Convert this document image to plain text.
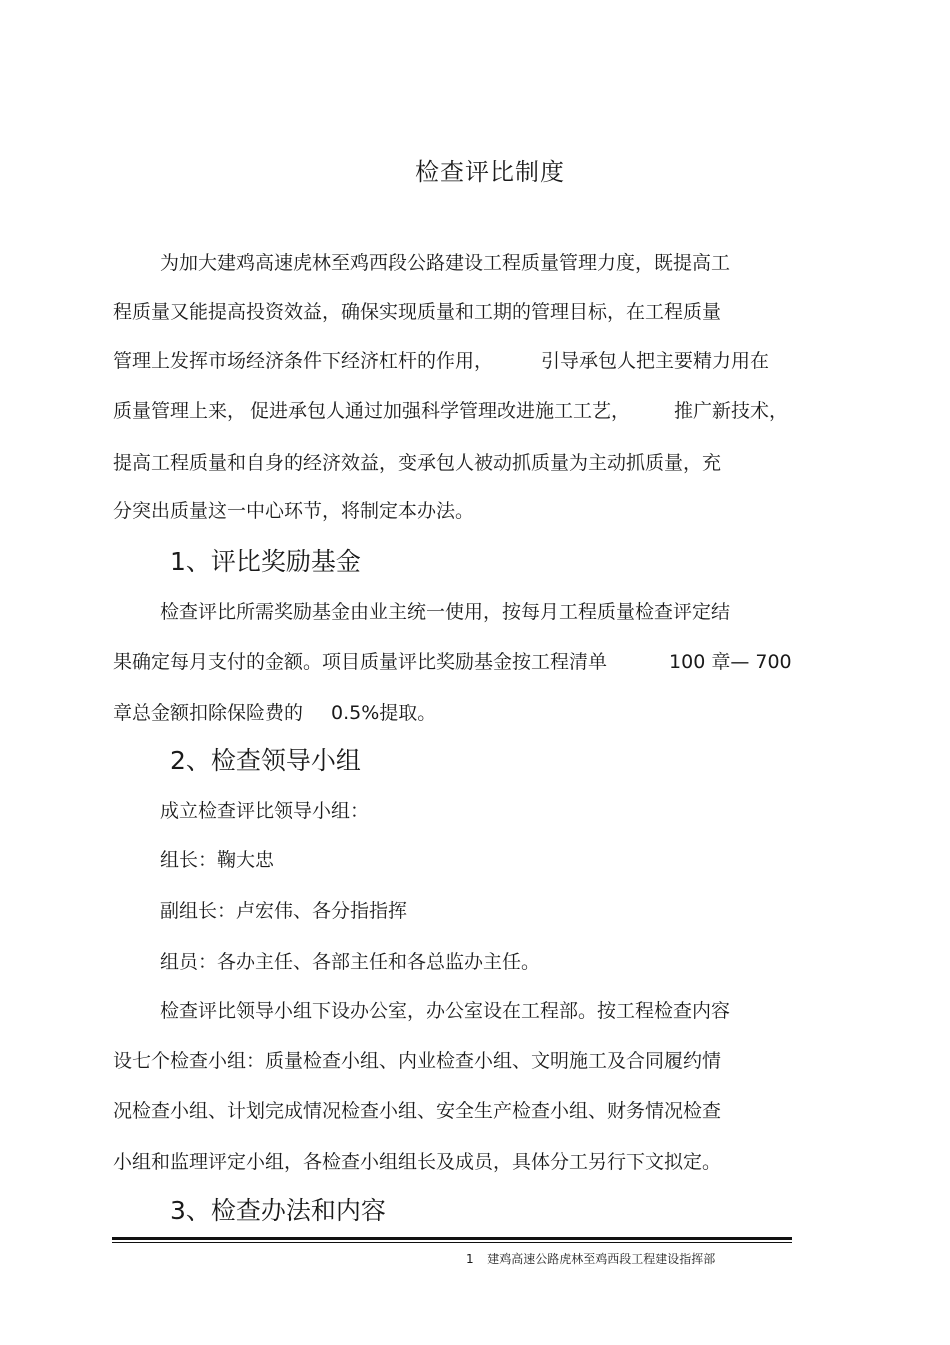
检查评比制度
为加大建鸡高速虎林至鸡西段公路建设工程质量管理力度，既提高工
程质量又能提高投资效益，确保实现质量和工期的管理目标，在工程质量
管理上发挥市场经济条件下经济杠杆的作用，	引导承包人把主要精力用在
质量管理上来， 促进承包人通过加强科学管理改进施工工艺， 推广新技术，
提高工程质量和自身的经济效益，变承包人被动抓质量为主动抓质量，充
分突出质量这一中心环节，将制定本办法。
1、评比奖励基金
检查评比所需奖励基金由业主统一使用，按每月工程质量检查评定结
果确定每月支付的金额。项目质量评比奖励基金按工程清单	100 章— 700
章总金额扣除保险费的 0.5%提取。
2、检查领导小组
成立检查评比领导小组：
组长：鞠大忠
副组长：卢宏伟、各分指指挥
组员：各办主任、各部主任和各总监办主任。
检查评比领导小组下设办公室，办公室设在工程部。按工程检查内容
设七个检查小组：质量检查小组、内业检查小组、文明施工及合同履约情
况检查小组、计划完成情况检查小组、安全生产检查小组、财务情况检查
小组和监理评定小组，各检查小组组长及成员，具体分工另行下文拟定。
3、检查办法和内容
1 建鸡高速公路虎林至鸡西段工程建设指挥部
